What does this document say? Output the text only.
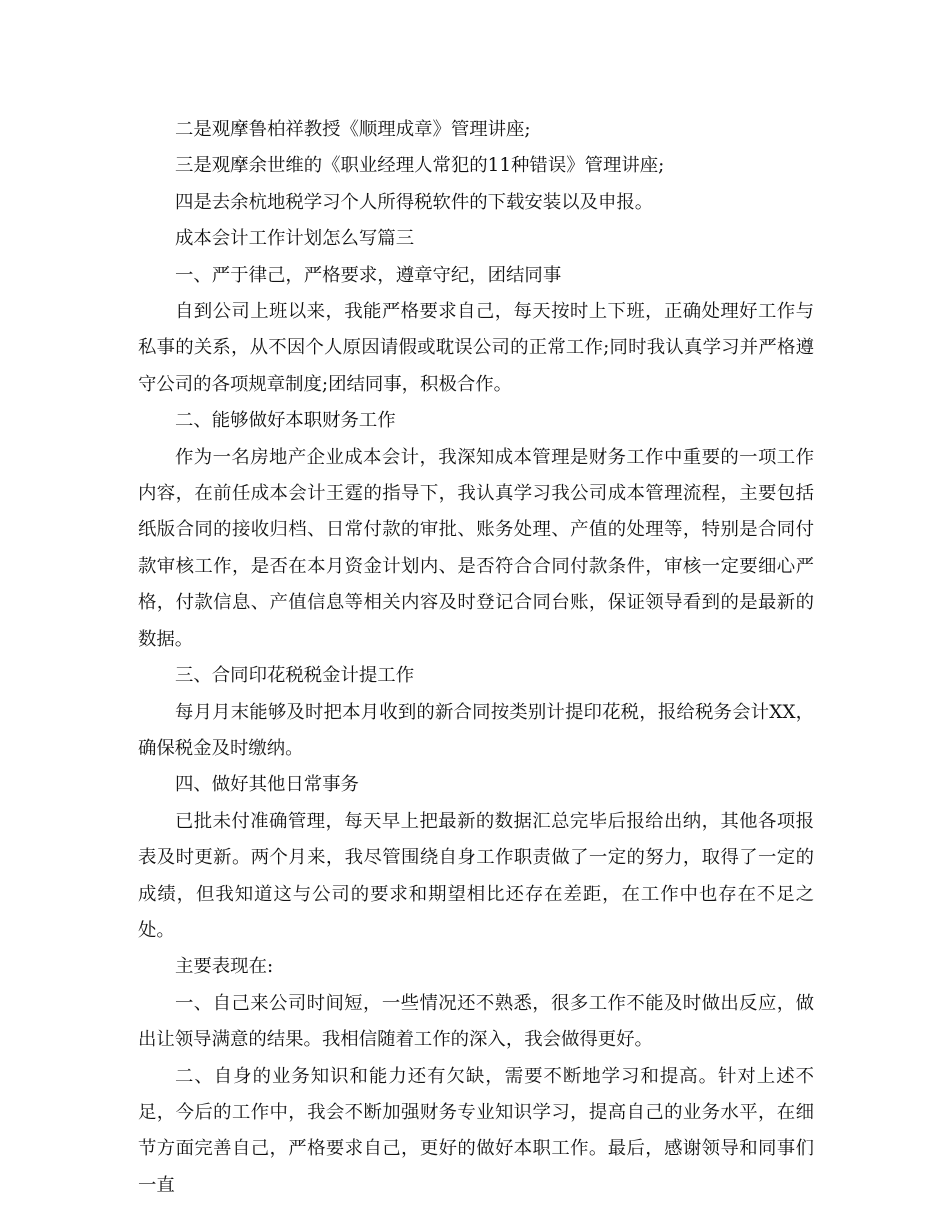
二是观摩鲁柏祥教授《顺理成章》管理讲座;

三是观摩余世维的《职业经理人常犯的11种错误》管理讲座;

四是去余杭地税学习个人所得税软件的下载安装以及申报。

成本会计工作计划怎么写篇三

一、严于律己，严格要求，遵章守纪，团结同事

自到公司上班以来，我能严格要求自己，每天按时上下班，正确处理好工作与私事的关系，从不因个人原因请假或耽误公司的正常工作;同时我认真学习并严格遵守公司的各项规章制度;团结同事，积极合作。

二、能够做好本职财务工作

作为一名房地产企业成本会计，我深知成本管理是财务工作中重要的一项工作内容，在前任成本会计王霆的指导下，我认真学习我公司成本管理流程，主要包括纸版合同的接收归档、日常付款的审批、账务处理、产值的处理等，特别是合同付款审核工作，是否在本月资金计划内、是否符合合同付款条件，审核一定要细心严格，付款信息、产值信息等相关内容及时登记合同台账，保证领导看到的是最新的数据。

三、合同印花税税金计提工作

每月月末能够及时把本月收到的新合同按类别计提印花税，报给税务会计XX，确保税金及时缴纳。

四、做好其他日常事务

已批未付准确管理，每天早上把最新的数据汇总完毕后报给出纳，其他各项报表及时更新。两个月来，我尽管围绕自身工作职责做了一定的努力，取得了一定的成绩，但我知道这与公司的要求和期望相比还存在差距，在工作中也存在不足之处。

主要表现在:

一、自己来公司时间短，一些情况还不熟悉，很多工作不能及时做出反应，做出让领导满意的结果。我相信随着工作的深入，我会做得更好。

二、自身的业务知识和能力还有欠缺，需要不断地学习和提高。针对上述不足，今后的工作中，我会不断加强财务专业知识学习，提高自己的业务水平，在细节方面完善自己，严格要求自己，更好的做好本职工作。最后，感谢领导和同事们一直
